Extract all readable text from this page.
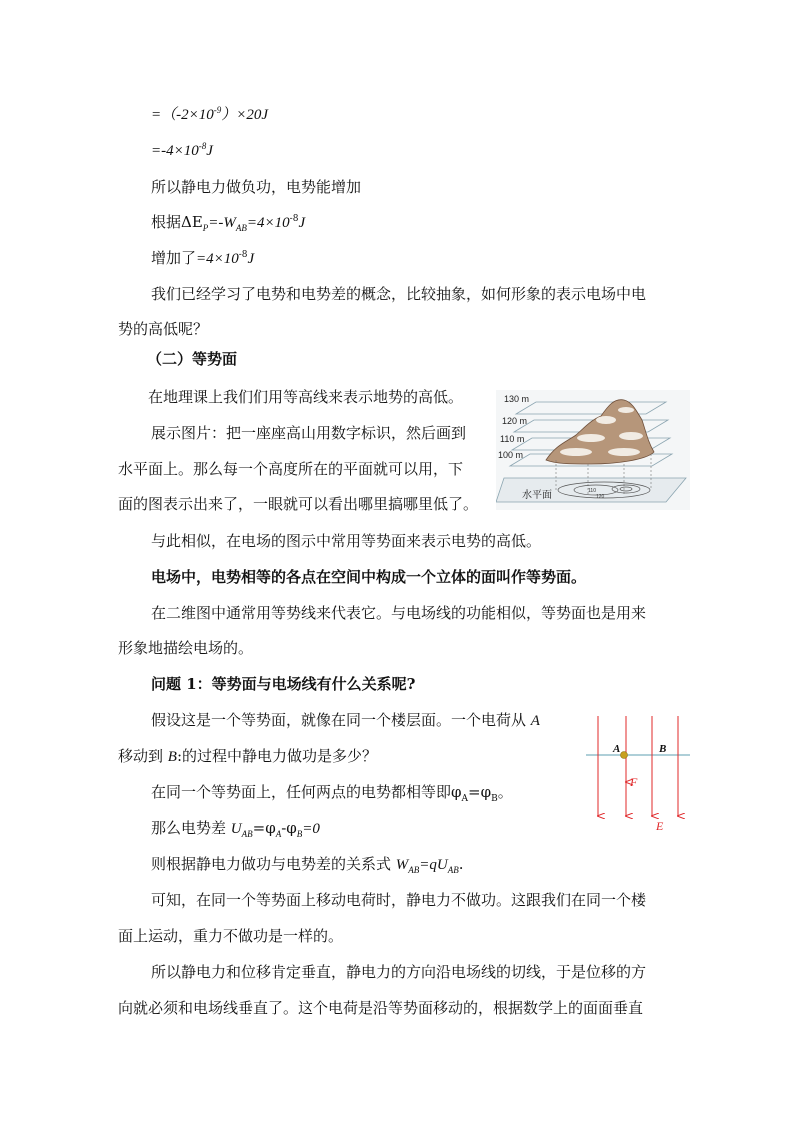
$=(-2\times 10^{-9})\times 20J$
$=-4\times 10^{-8}J$
所以静电力做负功，电势能增加
根据$\Delta E_P=-W_{AB}=4\times 10^{-8}J$
增加了$=4\times 10^{-8}J$
我们已经学习了电势和电势差的概念，比较抽象，如何形象的表示电场中电
势的高低呢？
（二）等势面
在地理课上我们们用等高线来表示地势的高低。
展示图片：把一座座高山用数字标识，然后画到
水平面上。那么每一个高度所在的平面就可以用，下
面的图表示出来了，一眼就可以看出哪里搞哪里低了。
与此相似，在电场的图示中常用等势面来表示电势的高低。
电场中，电势相等的各点在空间中构成一个立体的面叫作等势面。
在二维图中通常用等势线来代表它。与电场线的功能相似，等势面也是用来
形象地描绘电场的。
问题 1：等势面与电场线有什么关系呢?
假设这是一个等势面，就像在同一个楼层面。一个电荷从 A
移动到 B:的过程中静电力做功是多少？
在同一个等势面上，任何两点的电势都相等即$\varphi_A=\varphi_B$。
那么电势差 $U_{AB}=\varphi_A-\varphi_B=0$
则根据静电力做功与电势差的关系式 $W_{AB}=qU_{AB}$.
可知，在同一个等势面上移动电荷时，静电力不做功。这跟我们在同一个楼
面上运动，重力不做功是一样的。
所以静电力和位移肯定垂直，静电力的方向沿电场线的切线，于是位移的方
向就必须和电场线垂直了。这个电荷是沿等势面移动的，根据数学上的面面垂直
130 m
120 m
110 m
100 m
水平面	110
120
A	B
F
E
